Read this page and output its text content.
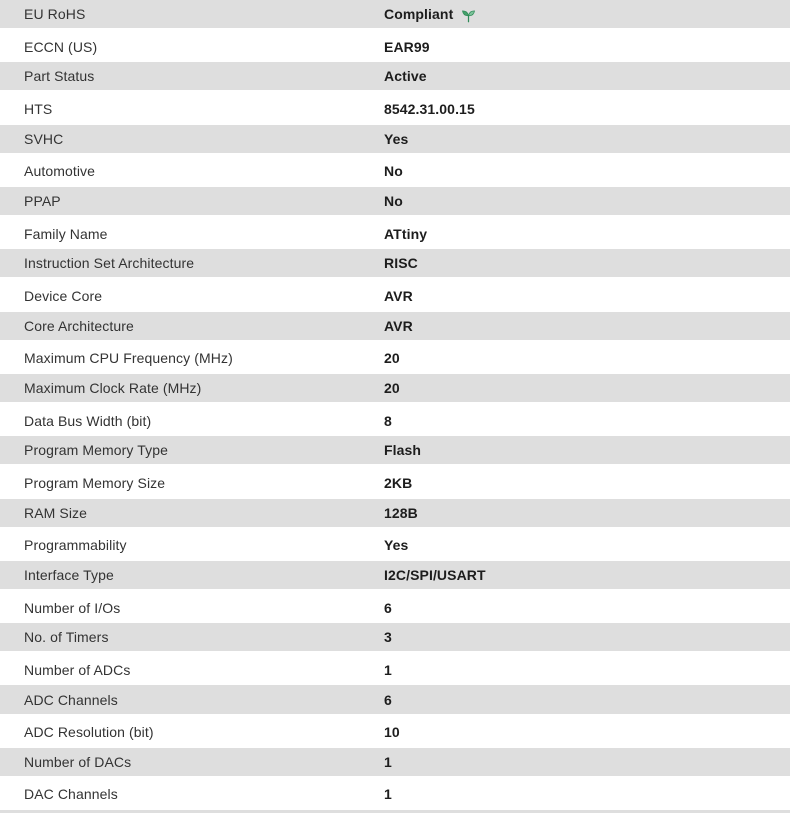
EU RoHS	Compliant
ECCN (US)	EAR99
Part Status	Active
HTS	8542.31.00.15
SVHC	Yes
Automotive	No
PPAP	No
Family Name	ATtiny
Instruction Set Architecture	RISC
Device Core	AVR
Core Architecture	AVR
Maximum CPU Frequency (MHz)	20
Maximum Clock Rate (MHz)	20
Data Bus Width (bit)	8
Program Memory Type	Flash
Program Memory Size	2KB
RAM Size	128B
Programmability	Yes
Interface Type	I2C/SPI/USART
Number of I/Os	6
No. of Timers	3
Number of ADCs	1
ADC Channels	6
ADC Resolution (bit)	10
Number of DACs	1
DAC Channels	1
